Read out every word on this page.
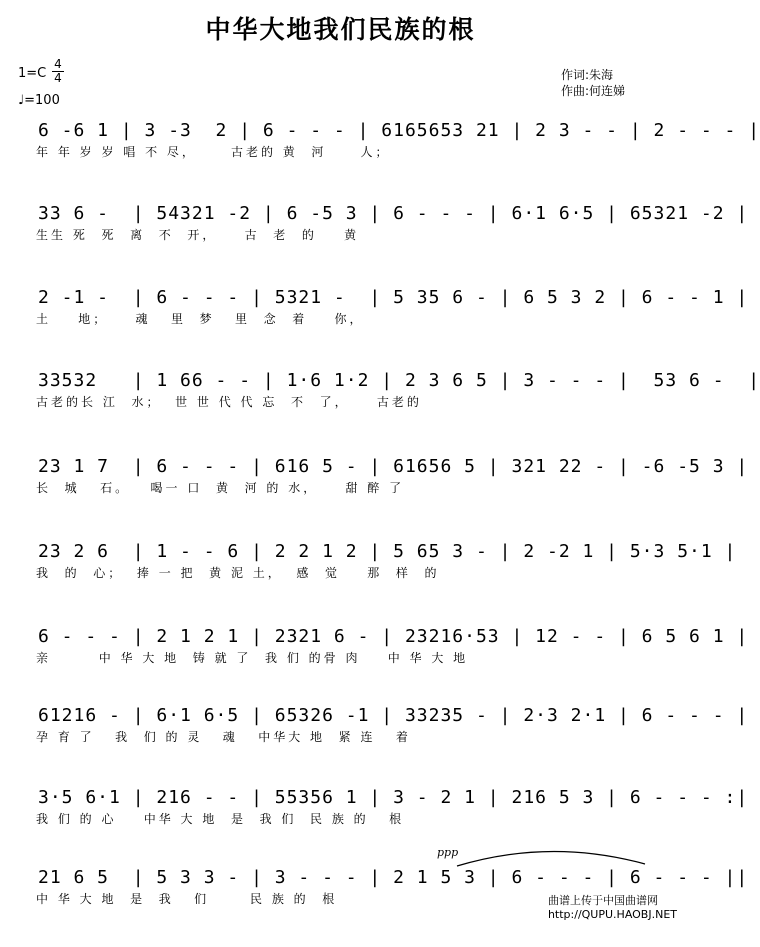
中华大地我们民族的根
1=C
4
4
♩=100
作词:朱海
作曲:何连娣
6 -6 1 | 3 -3  2 | 6 - - - | 6165653 21 | 2 3 - - | 2 - - - |
年 年 岁 岁 唱 不 尽，     古老的 黄  河     人；
33 6 -  | 54321 -2 | 6 -5 3 | 6 - - - | 6·1 6·5 | 65321 -2 |
生生 死  死  离  不  开，    古  老  的    黄
2 -1 -  | 6 - - - | 5321 -  | 5 35 6 - | 6 5 3 2 | 6 - - 1 |
土    地；    魂   里  梦   里  念  着    你，
33532   | 1 66 - - | 1·6 1·2 | 2 3 6 5 | 3 - - - |  53 6 -  |
古老的长 江  水；  世 世 代 代 忘  不  了，    古老的
23 1 7  | 6 - - - | 616 5 - | 61656 5 | 321 22 - | -6 -5 3 |
长  城   石。   喝一 口  黄  河 的 水，    甜 醉 了
23 2 6  | 1 - - 6 | 2 2 1 2 | 5 65 3 - | 2 -2 1 | 5·3 5·1 |
我  的  心；  捧 一 把  黄 泥 土，  感  觉    那  样  的
6 - - - | 2 1 2 1 | 2321 6 - | 23216·53 | 12 - - | 6 5 6 1 |
亲       中 华 大 地  铸 就 了  我 们 的骨 肉    中 华 大 地
61216 - | 6·1 6·5 | 65326 -1 | 33235 - | 2·3 2·1 | 6 - - - |
孕 育 了   我  们 的 灵   魂   中华大 地  紧 连   着
3·5 6·1 | 216 - - | 55356 1 | 3 - 2 1 | 216 5 3 | 6 - - - :|
我 们 的 心    中华 大 地  是  我 们  民 族 的   根
21 6 5  | 5 3 3 - | 3 - - - | 2 1 5 3 | 6 - - - | 6 - - - ||
中 华 大 地  是  我   们      民 族 的  根
ppp
曲谱上传于中国曲谱网
http://QUPU.HAOBJ.NET
